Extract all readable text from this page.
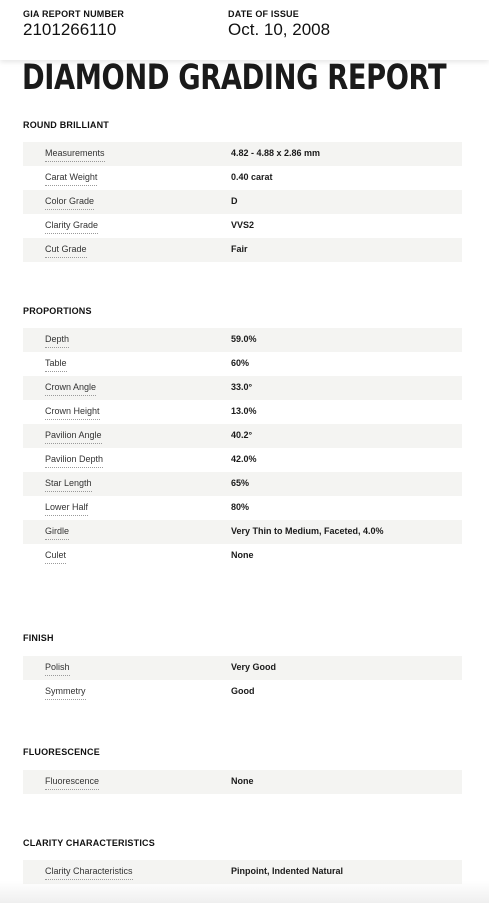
GIA REPORT NUMBER
2101266110
DATE OF ISSUE
Oct. 10, 2008
DIAMOND GRADING REPORT
ROUND BRILLIANT
Measurements	4.82 - 4.88 x 2.86 mm
Carat Weight	0.40 carat
Color Grade	D
Clarity Grade	VVS2
Cut Grade	Fair
PROPORTIONS
Depth	59.0%
Table	60%
Crown Angle	33.0°
Crown Height	13.0%
Pavilion Angle	40.2°
Pavilion Depth	42.0%
Star Length	65%
Lower Half	80%
Girdle	Very Thin to Medium, Faceted, 4.0%
Culet	None
FINISH
Polish	Very Good
Symmetry	Good
FLUORESCENCE
Fluorescence	None
CLARITY CHARACTERISTICS
Clarity Characteristics	Pinpoint, Indented Natural
